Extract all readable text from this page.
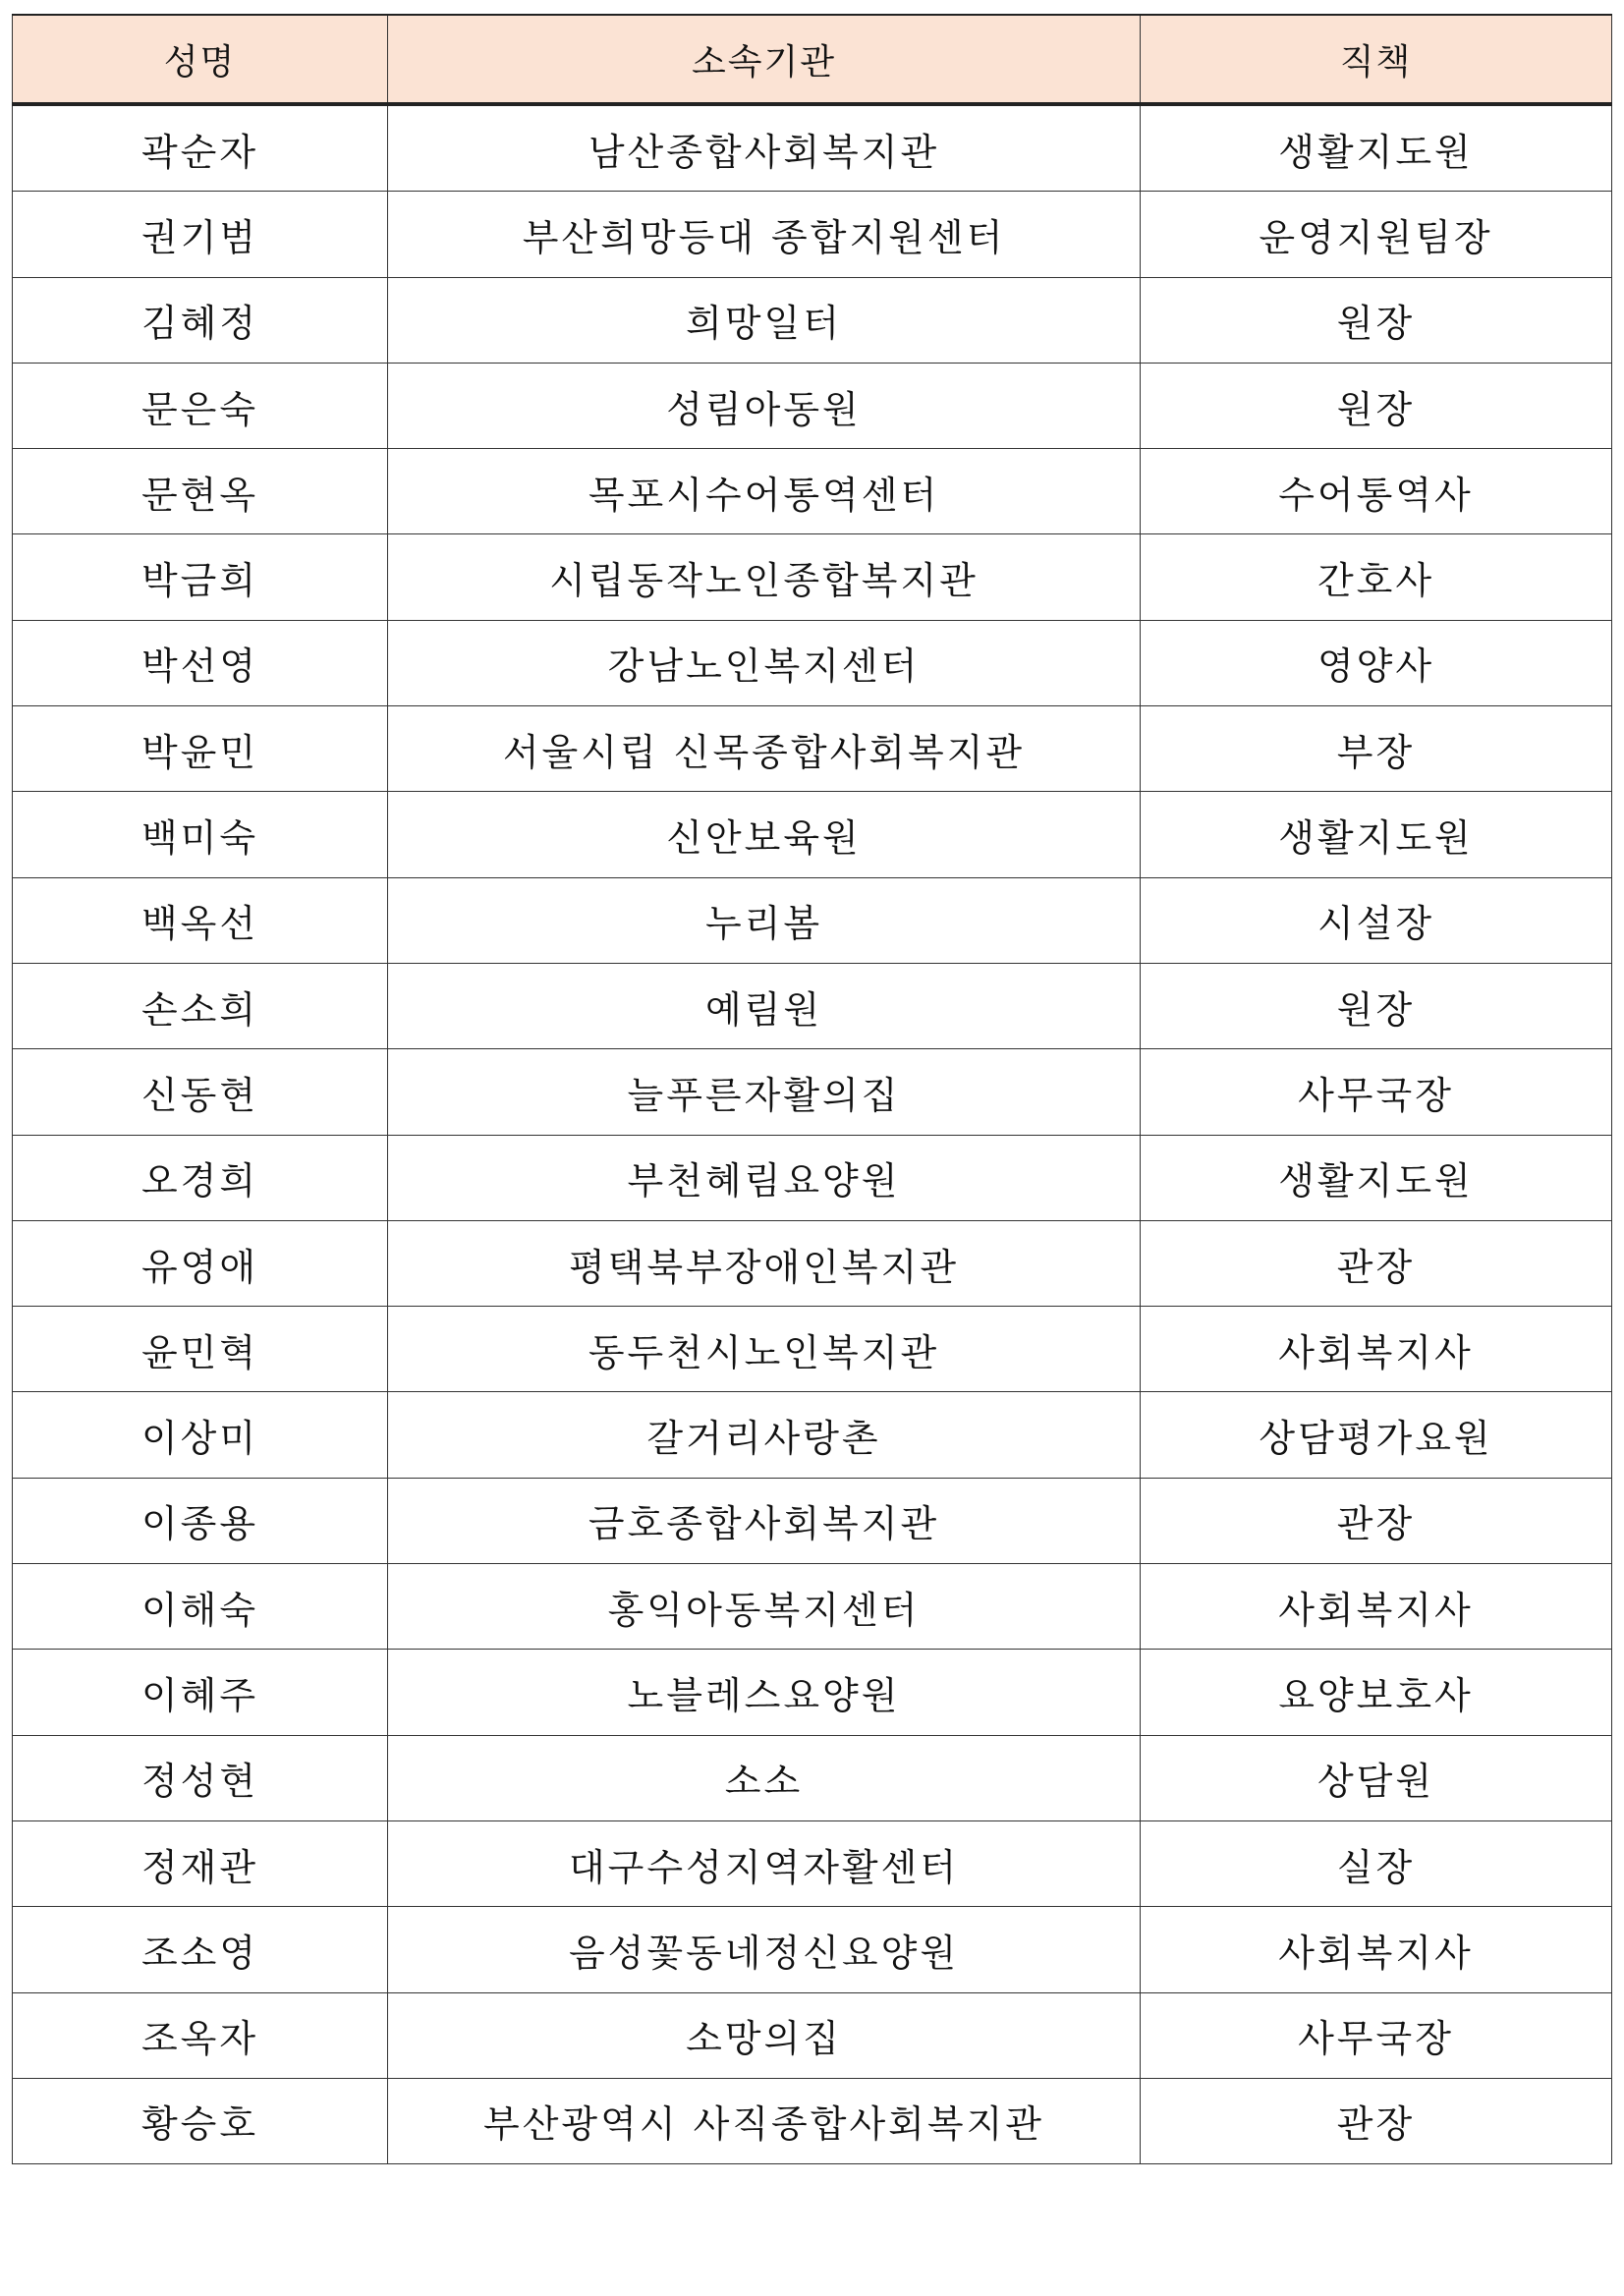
성명	소속기관	직책
곽순자	남산종합사회복지관	생활지도원
권기범	부산희망등대 종합지원센터	운영지원팀장
김혜정	희망일터	원장
문은숙	성림아동원	원장
문현옥	목포시수어통역센터	수어통역사
박금희	시립동작노인종합복지관	간호사
박선영	강남노인복지센터	영양사
박윤민	서울시립 신목종합사회복지관	부장
백미숙	신안보육원	생활지도원
백옥선	누리봄	시설장
손소희	예림원	원장
신동현	늘푸른자활의집	사무국장
오경희	부천혜림요양원	생활지도원
유영애	평택북부장애인복지관	관장
윤민혁	동두천시노인복지관	사회복지사
이상미	갈거리사랑촌	상담평가요원
이종용	금호종합사회복지관	관장
이해숙	홍익아동복지센터	사회복지사
이혜주	노블레스요양원	요양보호사
정성현	소소	상담원
정재관	대구수성지역자활센터	실장
조소영	음성꽃동네정신요양원	사회복지사
조옥자	소망의집	사무국장
황승호	부산광역시 사직종합사회복지관	관장
